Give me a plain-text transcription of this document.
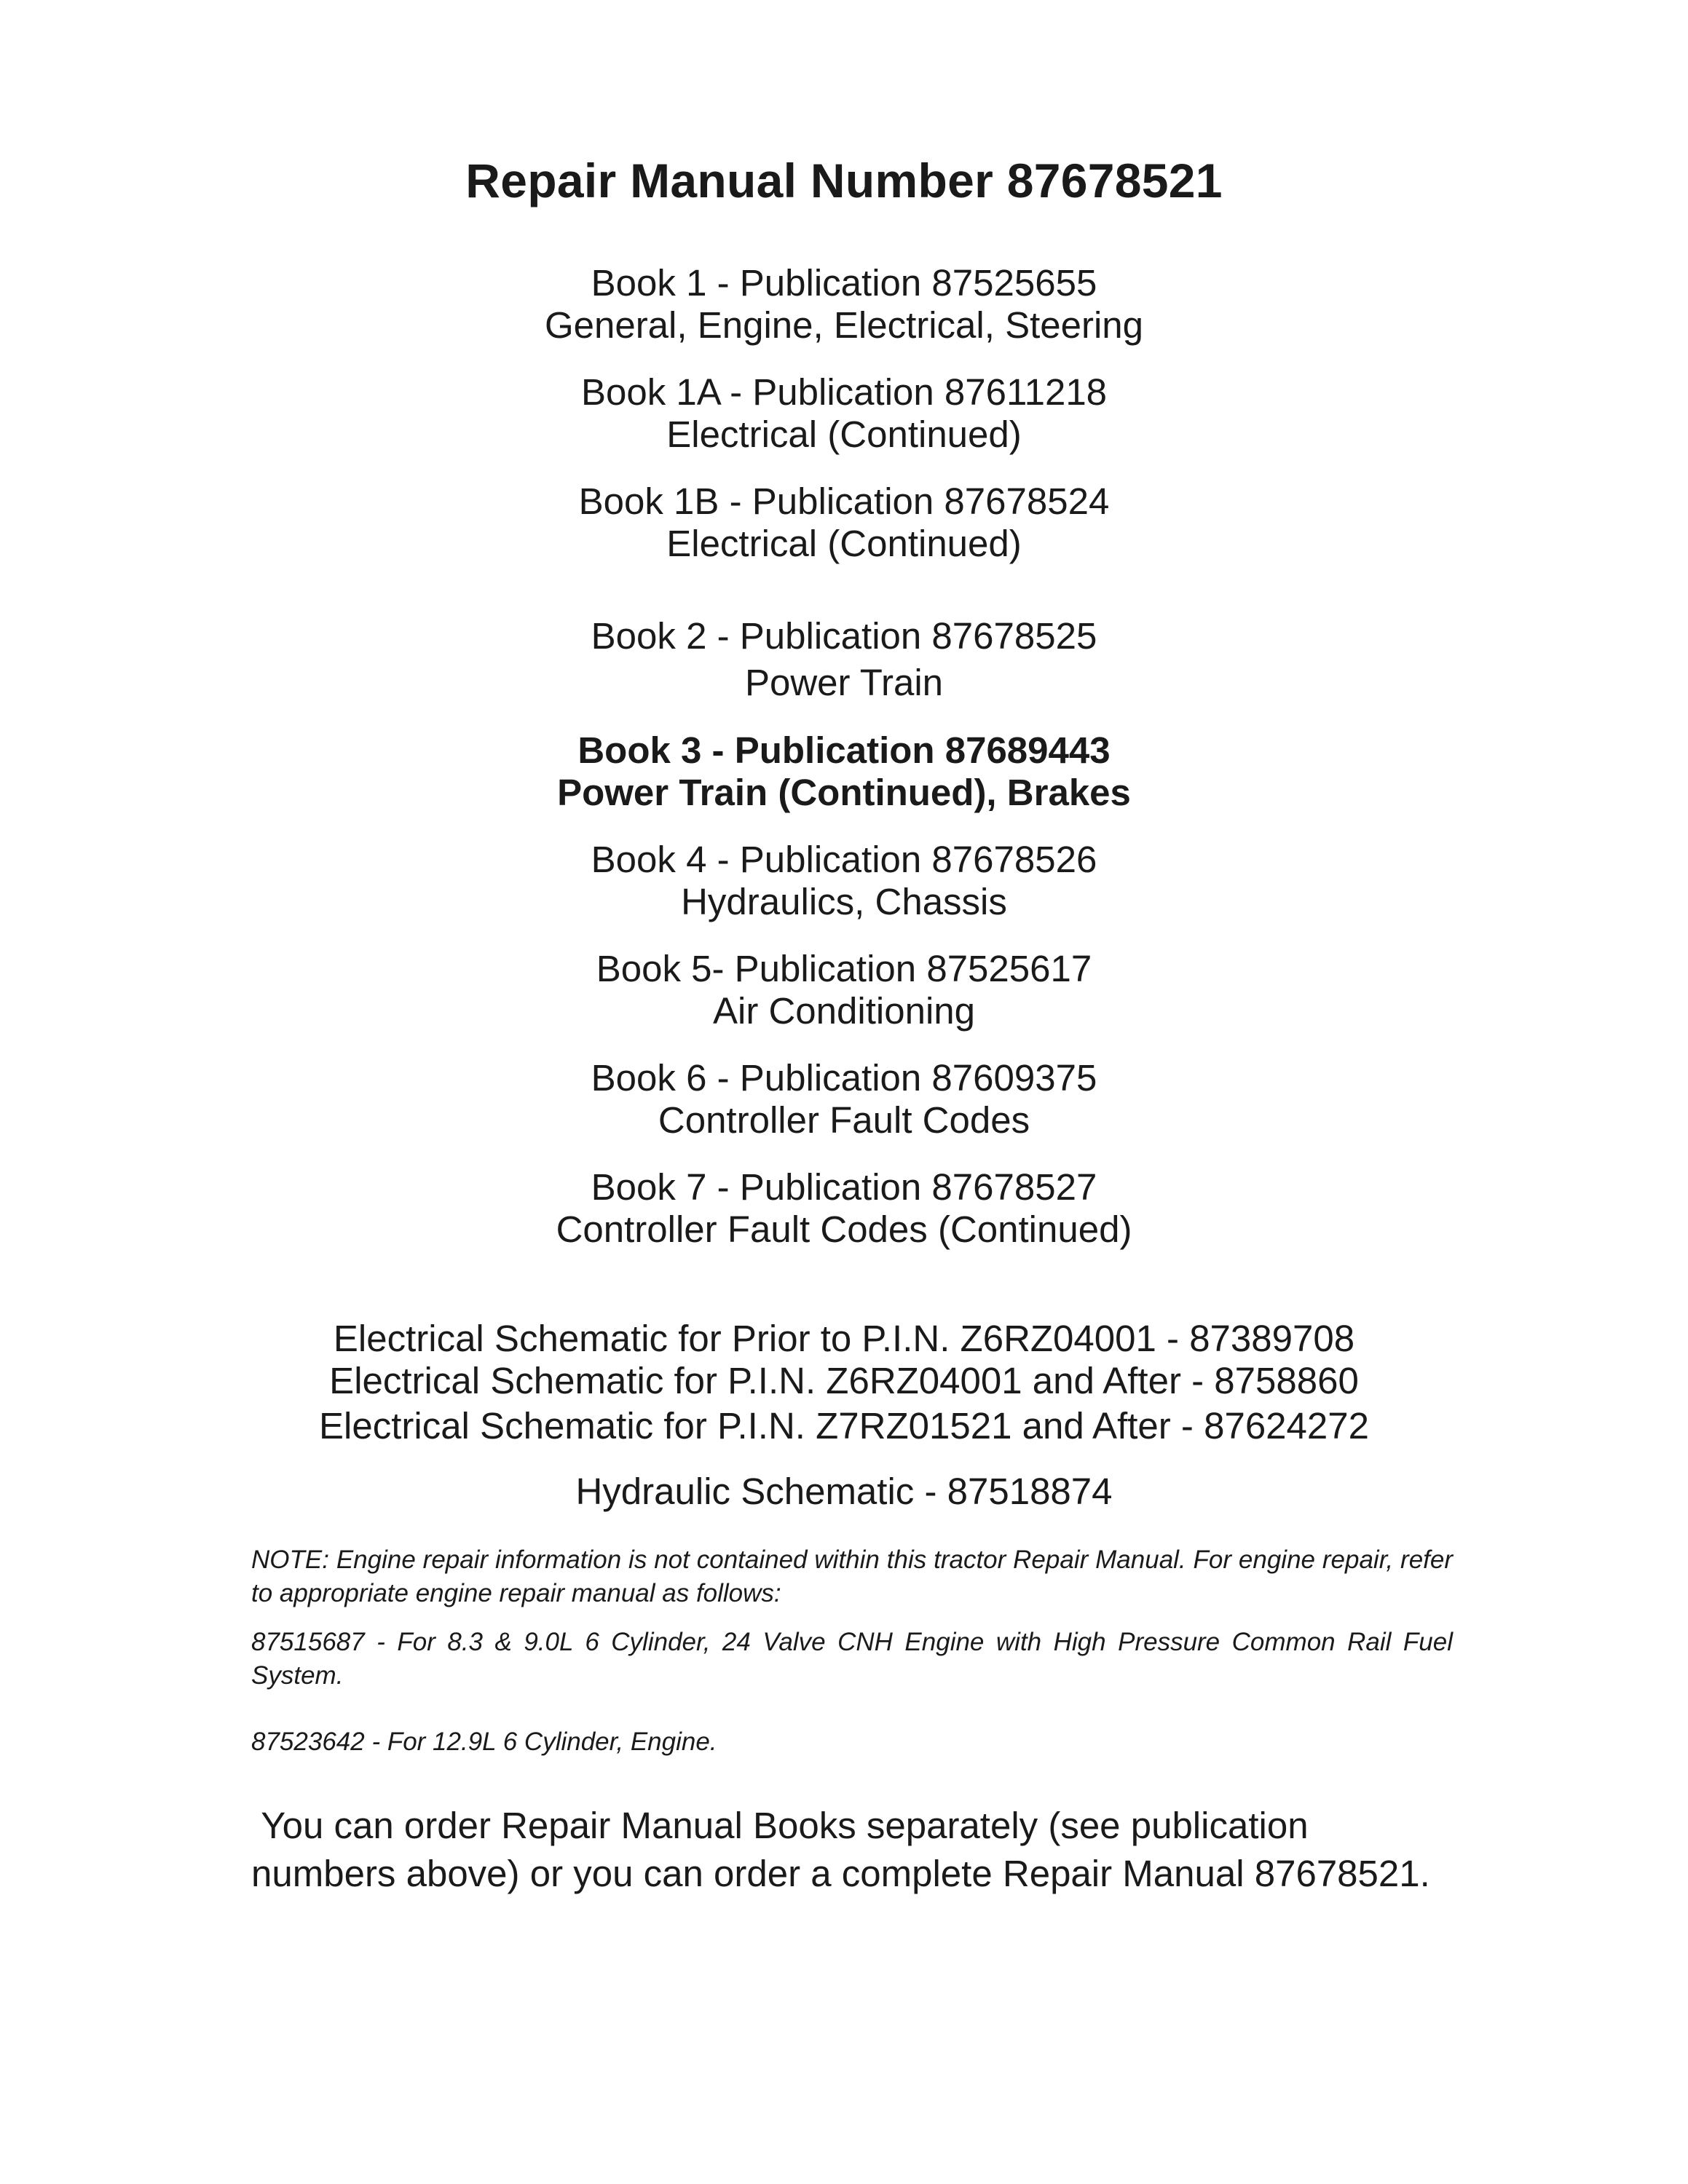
Repair Manual Number 87678521
Book 1 - Publication 87525655
General, Engine, Electrical, Steering
Book 1A - Publication 87611218
Electrical (Continued)
Book 1B - Publication 87678524
Electrical (Continued)
Book 2 - Publication 87678525
Power Train
Book 3 - Publication 87689443
Power Train (Continued), Brakes
Book 4 - Publication 87678526
Hydraulics, Chassis
Book 5- Publication 87525617
Air Conditioning
Book 6 - Publication 87609375
Controller Fault Codes
Book 7 - Publication 87678527
Controller Fault Codes (Continued)
Electrical Schematic for Prior to P.I.N. Z6RZ04001 - 87389708
Electrical Schematic for P.I.N. Z6RZ04001 and After - 8758860
Electrical Schematic for P.I.N. Z7RZ01521 and After - 87624272
Hydraulic Schematic - 87518874
NOTE: Engine repair information is not contained within this tractor Repair Manual. For engine repair, refer to appropriate engine repair manual as follows:
87515687 - For 8.3 & 9.0L 6 Cylinder, 24 Valve CNH Engine with High Pressure Common Rail Fuel System.
87523642 - For 12.9L 6 Cylinder, Engine.
You can order Repair Manual Books separately (see publication
numbers above) or you can order a complete Repair Manual 87678521.
